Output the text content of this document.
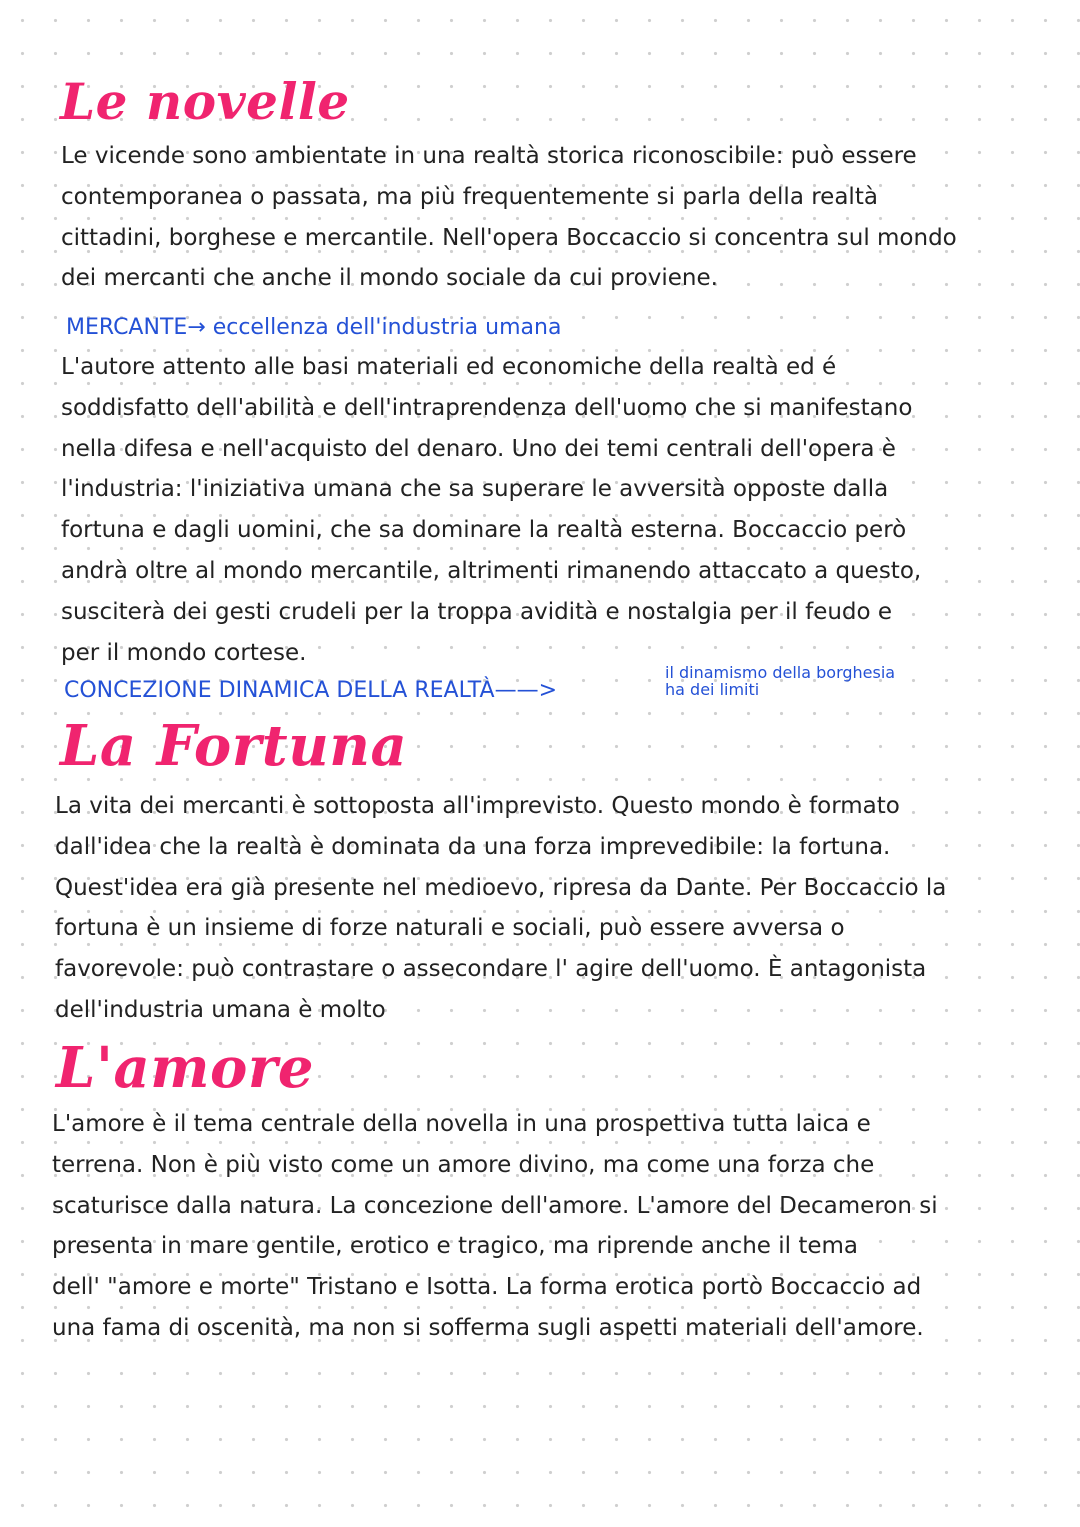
Le novelle
Le vicende sono ambientate in una realtà storica riconoscibile: può essere
contemporanea o passata, ma più frequentemente si parla della realtà
cittadini, borghese e mercantile. Nell'opera Boccaccio si concentra sul mondo
dei mercanti che anche il mondo sociale da cui proviene.
MERCANTE→ eccellenza dell'industria umana
L'autore attento alle basi materiali ed economiche della realtà ed é
soddisfatto dell'abilità e dell'intraprendenza dell'uomo che si manifestano
nella difesa e nell'acquisto del denaro. Uno dei temi centrali dell'opera è
l'industria: l'iniziativa umana che sa superare le avversità opposte dalla
fortuna e dagli uomini, che sa dominare la realtà esterna. Boccaccio però
andrà oltre al mondo mercantile, altrimenti rimanendo attaccato a questo,
susciterà dei gesti crudeli per la troppa avidità e nostalgia per il feudo e
per il mondo cortese.
CONCEZIONE DINAMICA DELLA REALTÀ——>
il dinamismo della borghesia
ha dei limiti
La Fortuna
La vita dei mercanti è sottoposta all'imprevisto. Questo mondo è formato
dall'idea che la realtà è dominata da una forza imprevedibile: la fortuna.
Quest'idea era già presente nel medioevo, ripresa da Dante. Per Boccaccio la
fortuna è un insieme di forze naturali e sociali, può essere avversa o
favorevole: può contrastare o assecondare l' agire dell'uomo. È antagonista
dell'industria umana è molto
L'amore
L'amore è il tema centrale della novella in una prospettiva tutta laica e
terrena. Non è più visto come un amore divino, ma come una forza che
scaturisce dalla natura. La concezione dell'amore. L'amore del Decameron si
presenta in mare gentile, erotico e tragico, ma riprende anche il tema
dell' "amore e morte" Tristano e Isotta. La forma erotica portò Boccaccio ad
una fama di oscenità, ma non si sofferma sugli aspetti materiali dell'amore.
